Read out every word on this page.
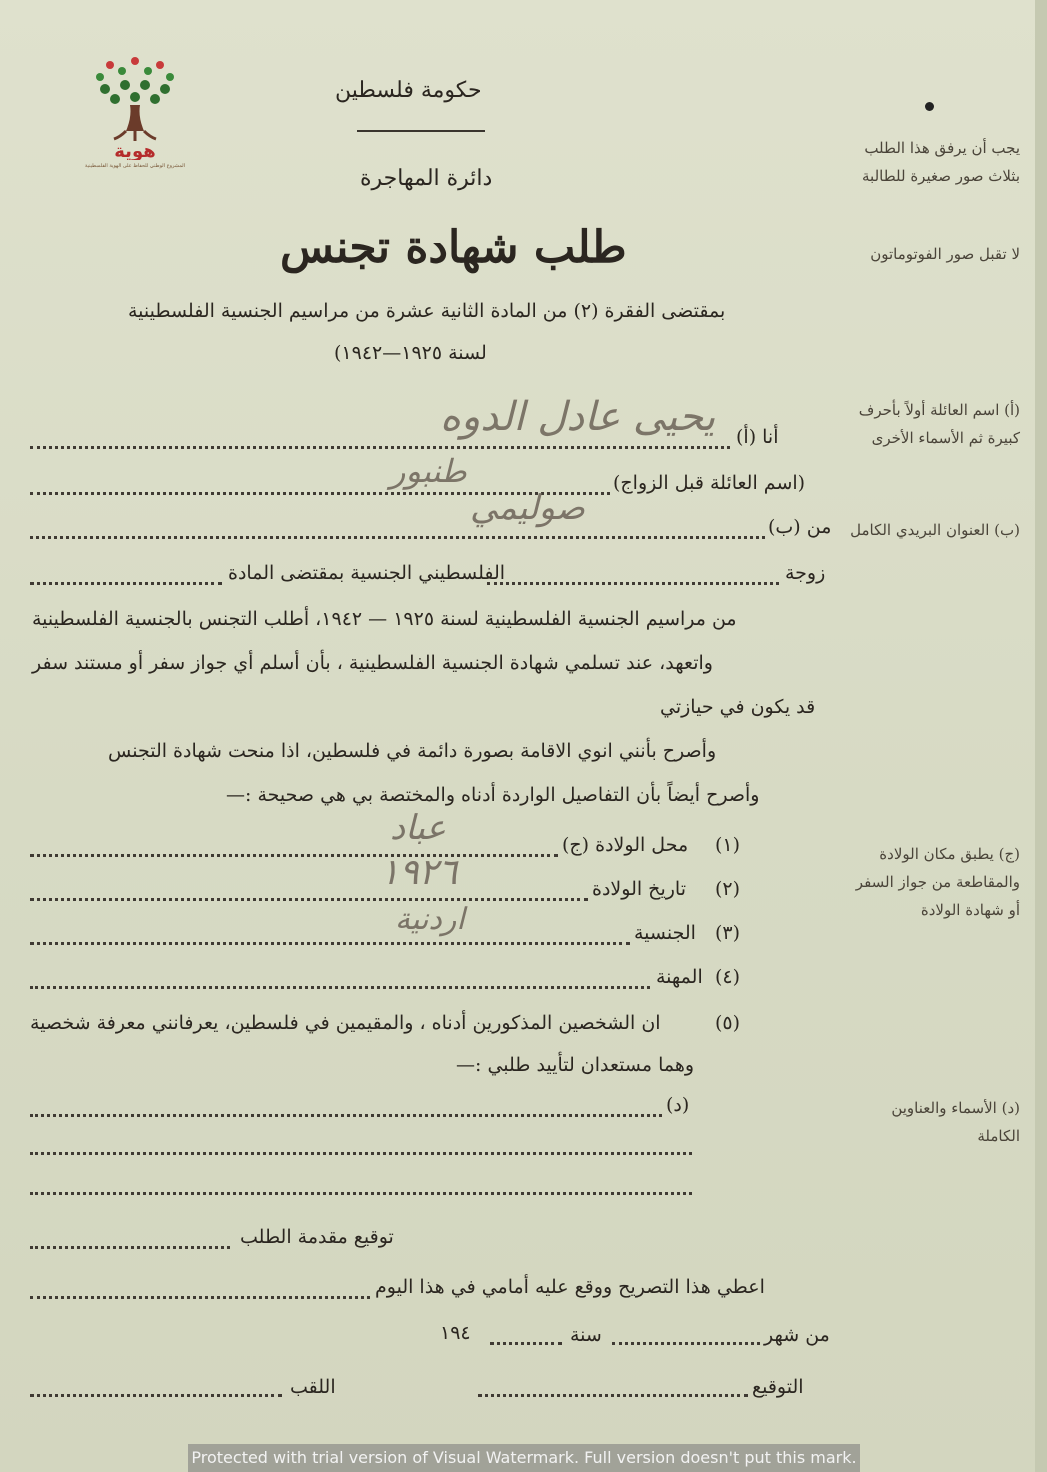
هوية
المشروع الوطني للحفاظ على الهوية الفلسطينية
حكومة فلسطين
دائرة المهاجرة
طلب شهادة تجنس
بمقتضى الفقرة (٢) من المادة الثانية عشرة من مراسيم الجنسية الفلسطينية
لسنة ١٩٢٥—١٩٤٢)
يجب أن يرفق هذا الطلب بثلاث صور صغيرة للطالبة
لا تقبل صور الفوتوماتون
(أ) اسم العائلة أولاً بأحرف كبيرة ثم الأسماء الأخرى
(ب) العنوان البريدي الكامل
(ج) يطبق مكان الولادة والمقاطعة من جواز السفر أو شهادة الولادة
(د) الأسماء والعناوين الكاملة
أنا (أ)
يحيى عادل الدوه
(اسم العائلة قبل الزواج)
طنبور
من (ب)
صوليمي
زوجة
الفلسطيني الجنسية بمقتضى المادة
من مراسيم الجنسية الفلسطينية لسنة ١٩٢٥ — ١٩٤٢، أطلب التجنس بالجنسية الفلسطينية
واتعهد، عند تسلمي شهادة الجنسية الفلسطينية ، بأن أسلم أي جواز سفر أو مستند سفر
قد يكون في حيازتي
وأصرح بأنني انوي الاقامة بصورة دائمة في فلسطين، اذا منحت شهادة التجنس
وأصرح أيضاً بأن التفاصيل الواردة أدناه والمختصة بي هي صحيحة :—
(١)
محل الولادة (ج)
عباد
(٢)
تاريخ الولادة
١٩٢٦
(٣)
الجنسية
اردنية
(٤)
المهنة
(٥)
ان الشخصين المذكورين أدناه ، والمقيمين في فلسطين، يعرفانني معرفة شخصية
وهما مستعدان لتأييد طلبي :—
(د)
توقيع مقدمة الطلب
اعطي هذا التصريح ووقع عليه أمامي في هذا اليوم
من شهر
سنة
١٩٤
التوقيع
اللقب
Protected with trial version of Visual Watermark. Full version doesn't put this mark.
